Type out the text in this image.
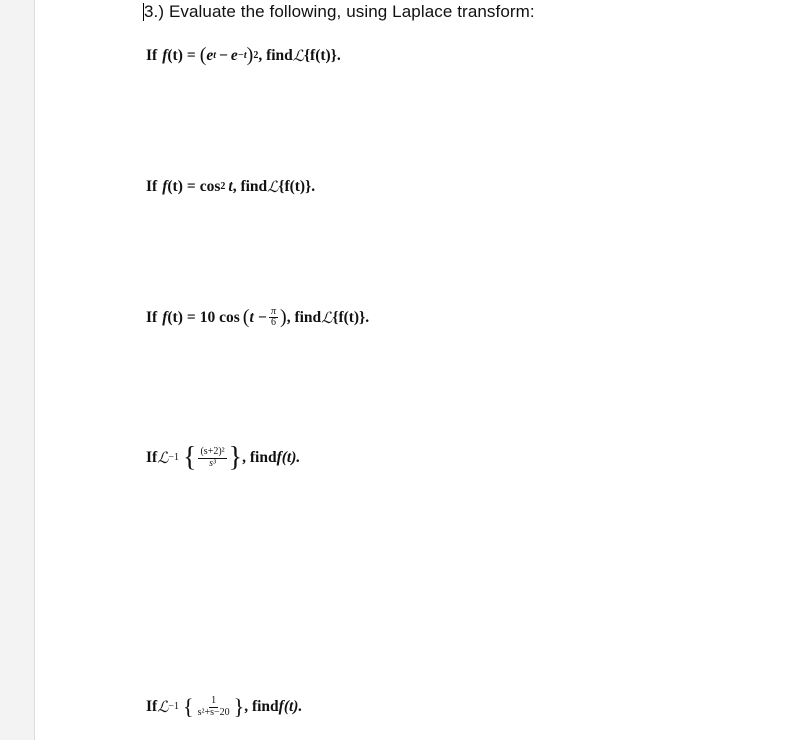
3.) Evaluate the following, using Laplace transform:
If f (t) = ( e t − e −t ) 2 , find ℒ {f(t)}.
If f (t) = cos 2 t , find ℒ {f(t)}.
If f (t) = 10 cos ( $t - \frac{\pi}{6}$ ) , find ℒ {f(t)}.
If ℒ −1 { $\frac{\text{(s+2)²}}{\text{s³}}$ } , find f(t).
If ℒ −1 { $\frac{1}{\text{s²+s−20}}$ } , find f(t).
